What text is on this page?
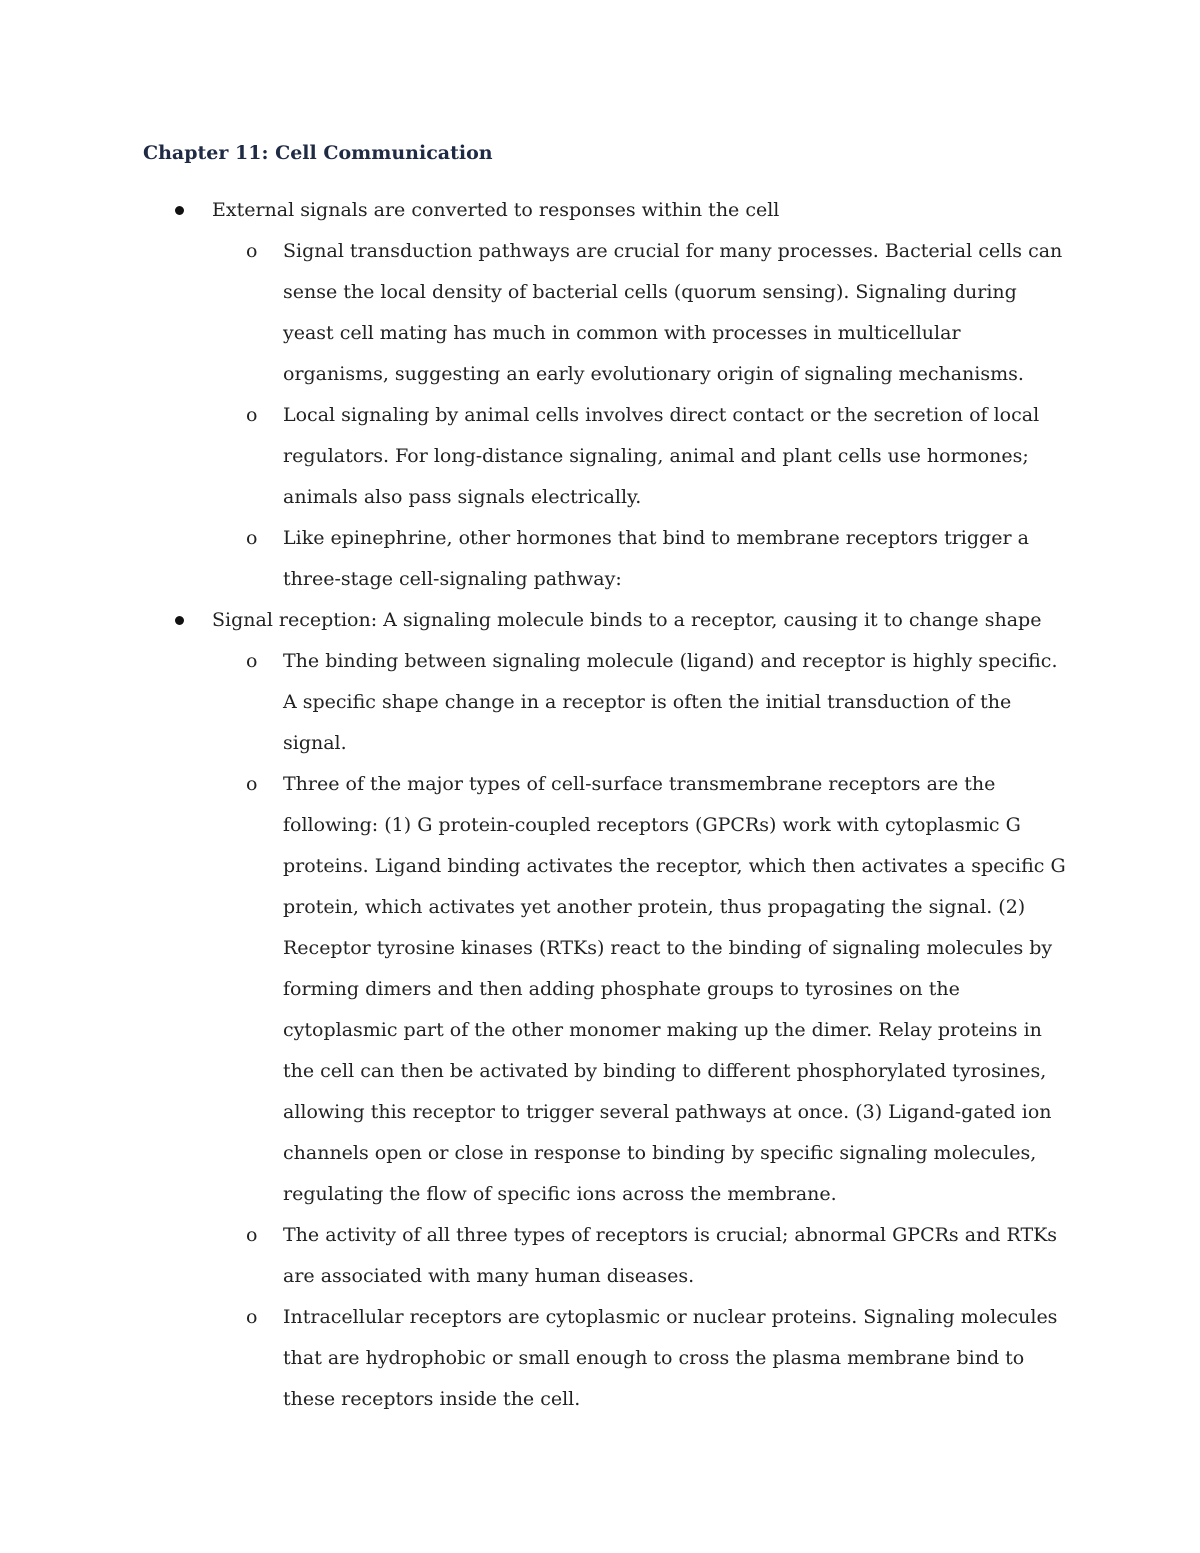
Chapter 11: Cell Communication

External signals are converted to responses within the cell

o Signal transduction pathways are crucial for many processes. Bacterial cells can sense the local density of bacterial cells (quorum sensing). Signaling during yeast cell mating has much in common with processes in multicellular organisms, suggesting an early evolutionary origin of signaling mechanisms.

o Local signaling by animal cells involves direct contact or the secretion of local regulators. For long-distance signaling, animal and plant cells use hormones; animals also pass signals electrically.

o Like epinephrine, other hormones that bind to membrane receptors trigger a three-stage cell-signaling pathway:

Signal reception: A signaling molecule binds to a receptor, causing it to change shape

o The binding between signaling molecule (ligand) and receptor is highly specific. A specific shape change in a receptor is often the initial transduction of the signal.

o Three of the major types of cell-surface transmembrane receptors are the following: (1) G protein-coupled receptors (GPCRs) work with cytoplasmic G proteins. Ligand binding activates the receptor, which then activates a specific G protein, which activates yet another protein, thus propagating the signal. (2) Receptor tyrosine kinases (RTKs) react to the binding of signaling molecules by forming dimers and then adding phosphate groups to tyrosines on the cytoplasmic part of the other monomer making up the dimer. Relay proteins in the cell can then be activated by binding to different phosphorylated tyrosines, allowing this receptor to trigger several pathways at once. (3) Ligand-gated ion channels open or close in response to binding by specific signaling molecules, regulating the flow of specific ions across the membrane.

o The activity of all three types of receptors is crucial; abnormal GPCRs and RTKs are associated with many human diseases.

o Intracellular receptors are cytoplasmic or nuclear proteins. Signaling molecules that are hydrophobic or small enough to cross the plasma membrane bind to these receptors inside the cell.
